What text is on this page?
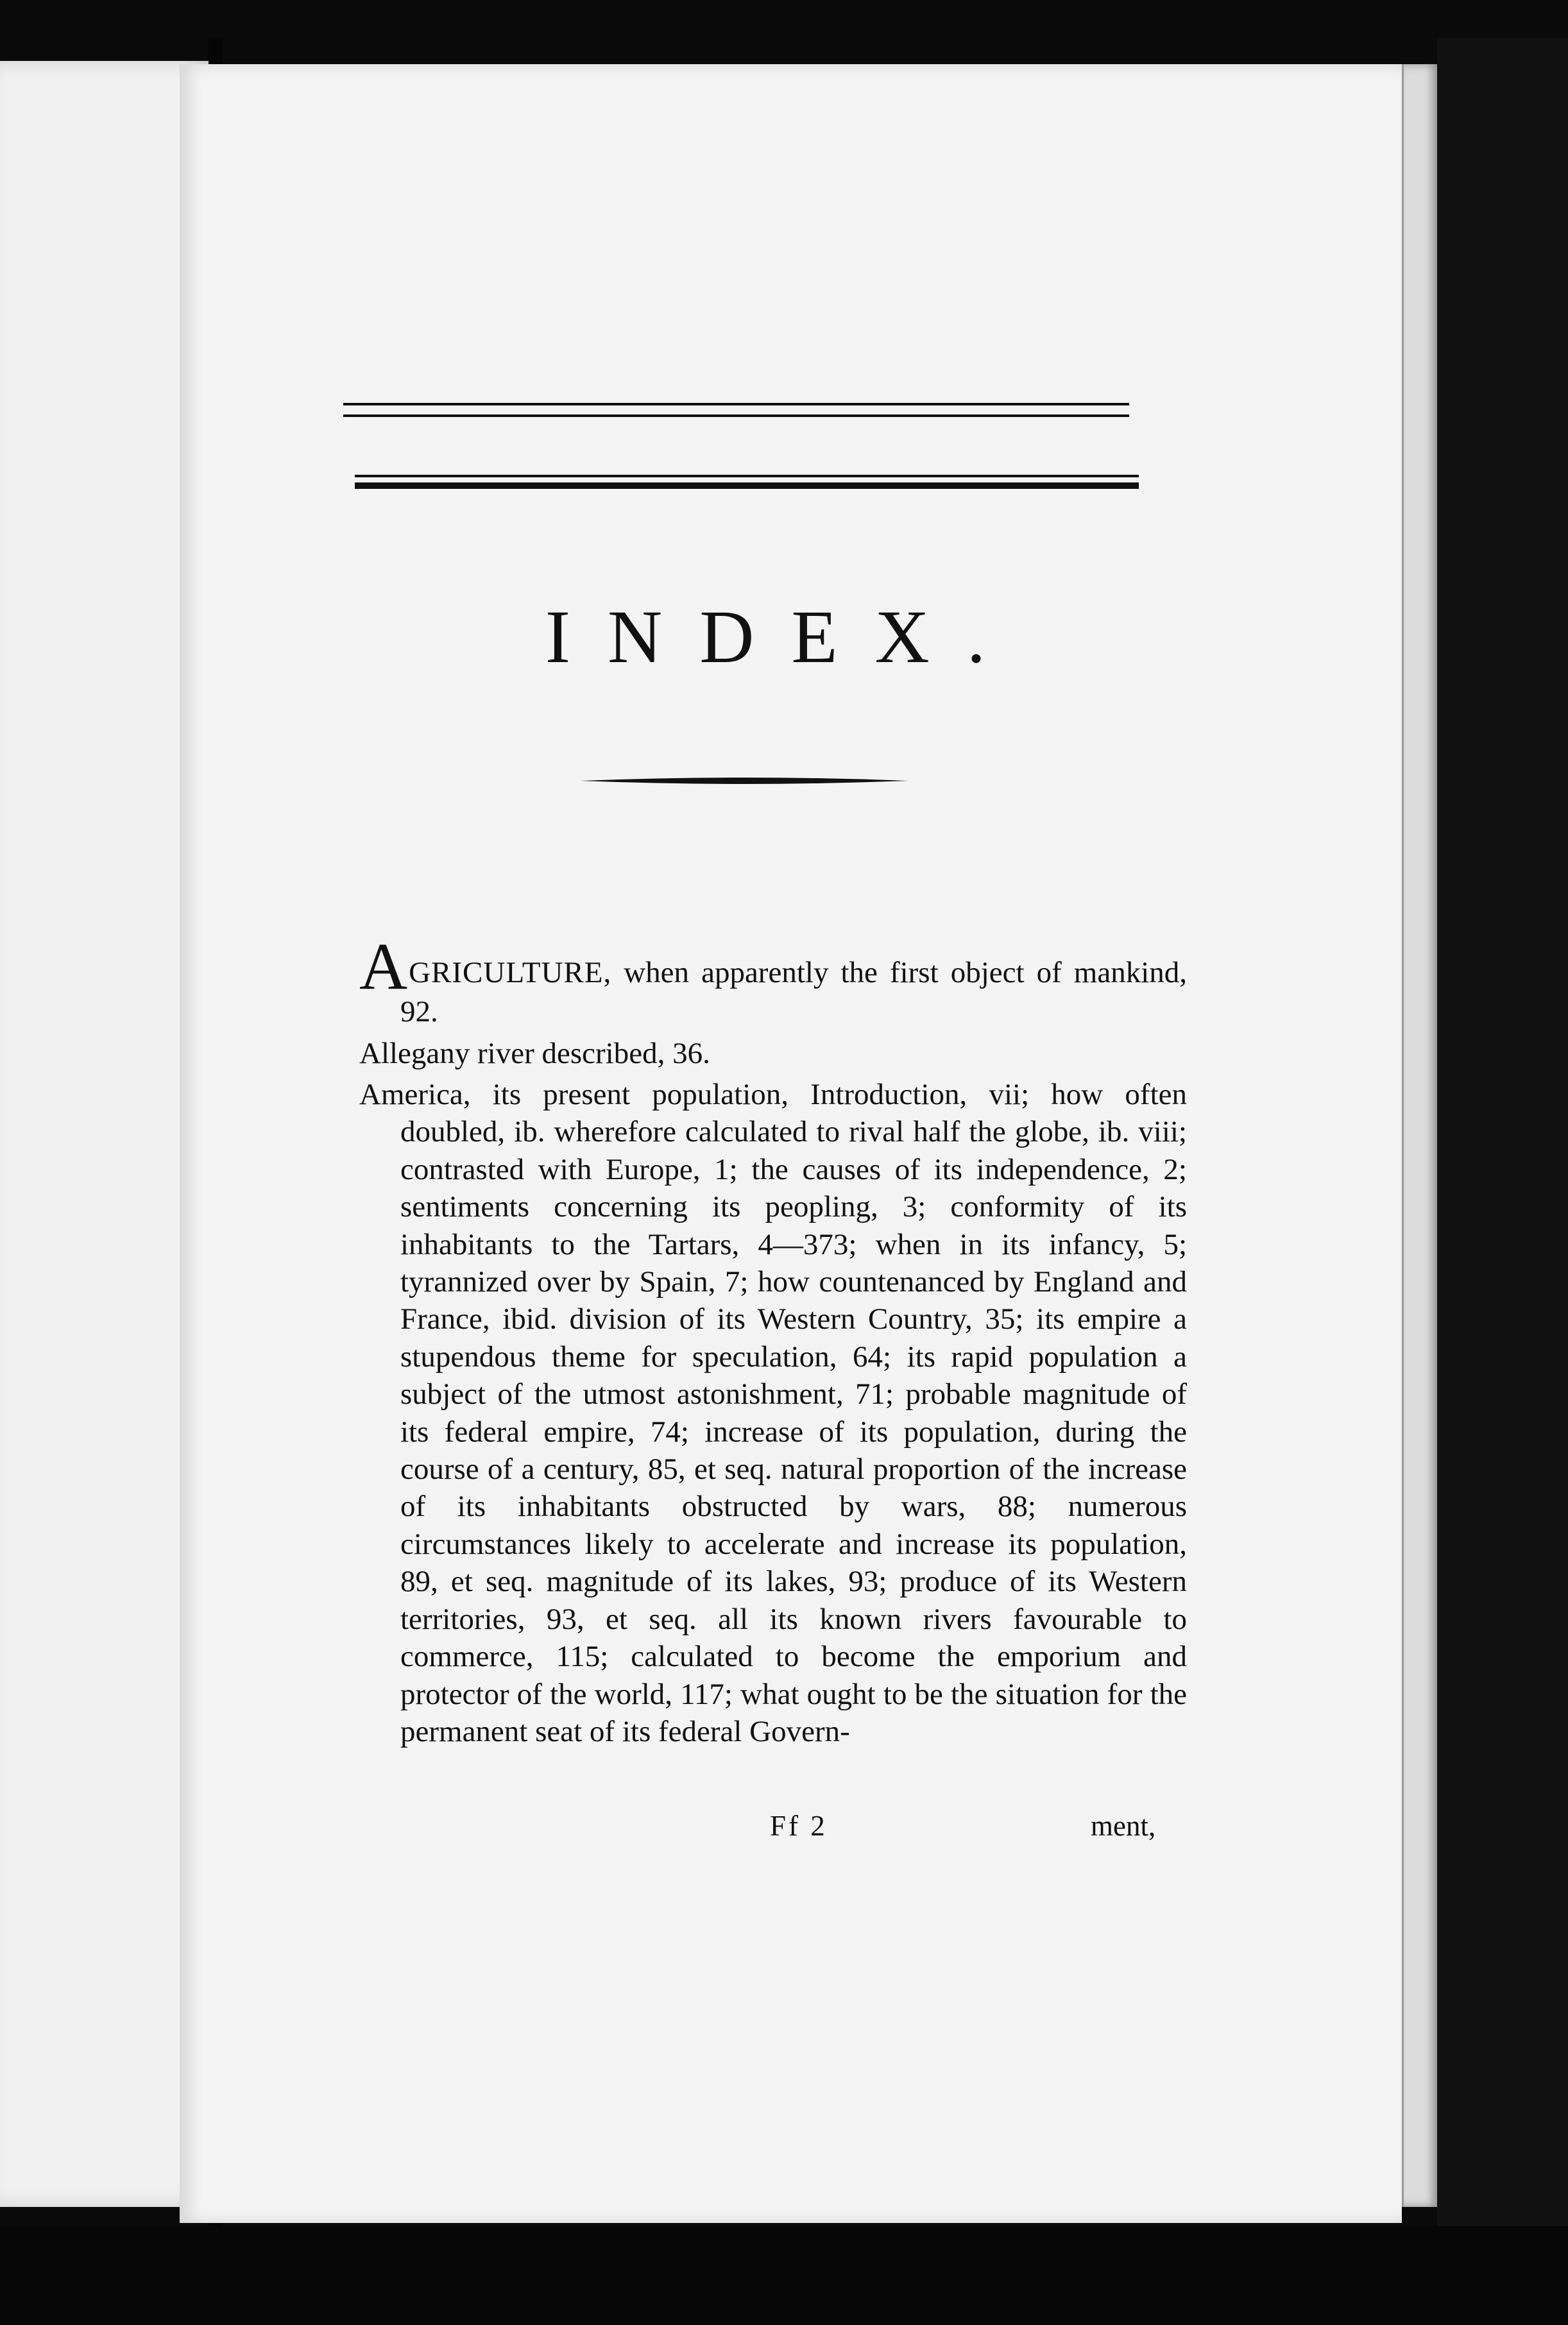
INDEX.

AGRICULTURE, when apparently the first object of mankind, 92.

Allegany river described, 36.

America, its present population, Introduction, vii; how often doubled, ib. wherefore calculated to rival half the globe, ib. viii; contrasted with Europe, 1; the causes of its independence, 2; sentiments concerning its peopling, 3; conformity of its inhabitants to the Tartars, 4—373; when in its infancy, 5; tyrannized over by Spain, 7; how countenanced by England and France, ibid. division of its Western Country, 35; its empire a stupendous theme for speculation, 64; its rapid population a subject of the utmost astonishment, 71; probable magnitude of its federal empire, 74; increase of its population, during the course of a century, 85, et seq. natural proportion of the increase of its inhabitants obstructed by wars, 88; numerous circumstances likely to accelerate and increase its population, 89, et seq. magnitude of its lakes, 93; produce of its Western territories, 93, et seq. all its known rivers favourable to commerce, 115; calculated to become the emporium and protector of the world, 117; what ought to be the situation for the permanent seat of its federal Govern-

Ff 2	ment,
